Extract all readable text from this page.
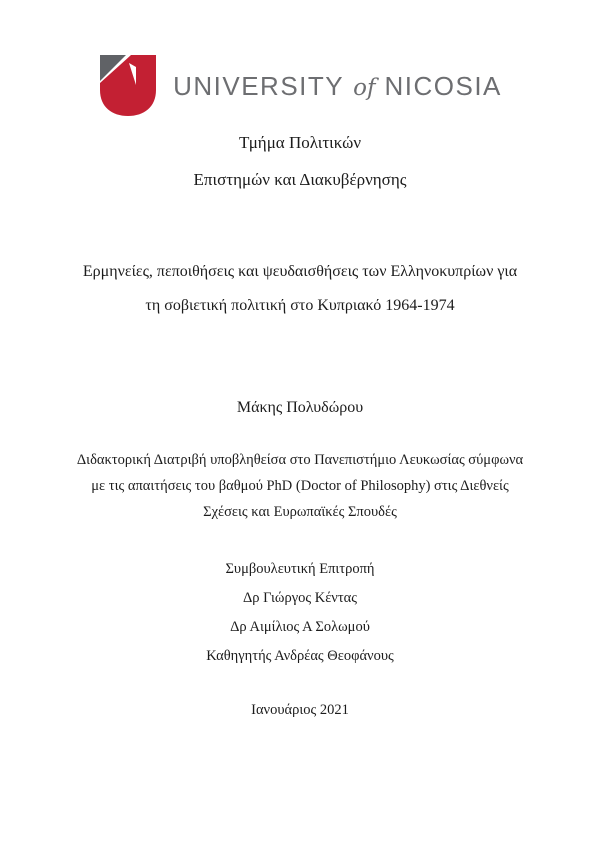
UNIVERSITY of NICOSIA
Τμήμα Πολιτικών
Επιστημών και Διακυβέρνησης
Ερμηνείες, πεποιθήσεις και ψευδαισθήσεις των Ελληνοκυπρίων για
τη σοβιετική πολιτική στο Κυπριακό 1964-1974
Μάκης Πολυδώρου
Διδακτορική Διατριβή υποβληθείσα στο Πανεπιστήμιο Λευκωσίας σύμφωνα
με τις απαιτήσεις του βαθμού PhD (Doctor of Philosophy) στις Διεθνείς
Σχέσεις και Ευρωπαϊκές Σπουδές
Συμβουλευτική Επιτροπή
Δρ Γιώργος Κέντας
Δρ Αιμίλιος Α Σολωμού
Καθηγητής Ανδρέας Θεοφάνους
Ιανουάριος 2021
